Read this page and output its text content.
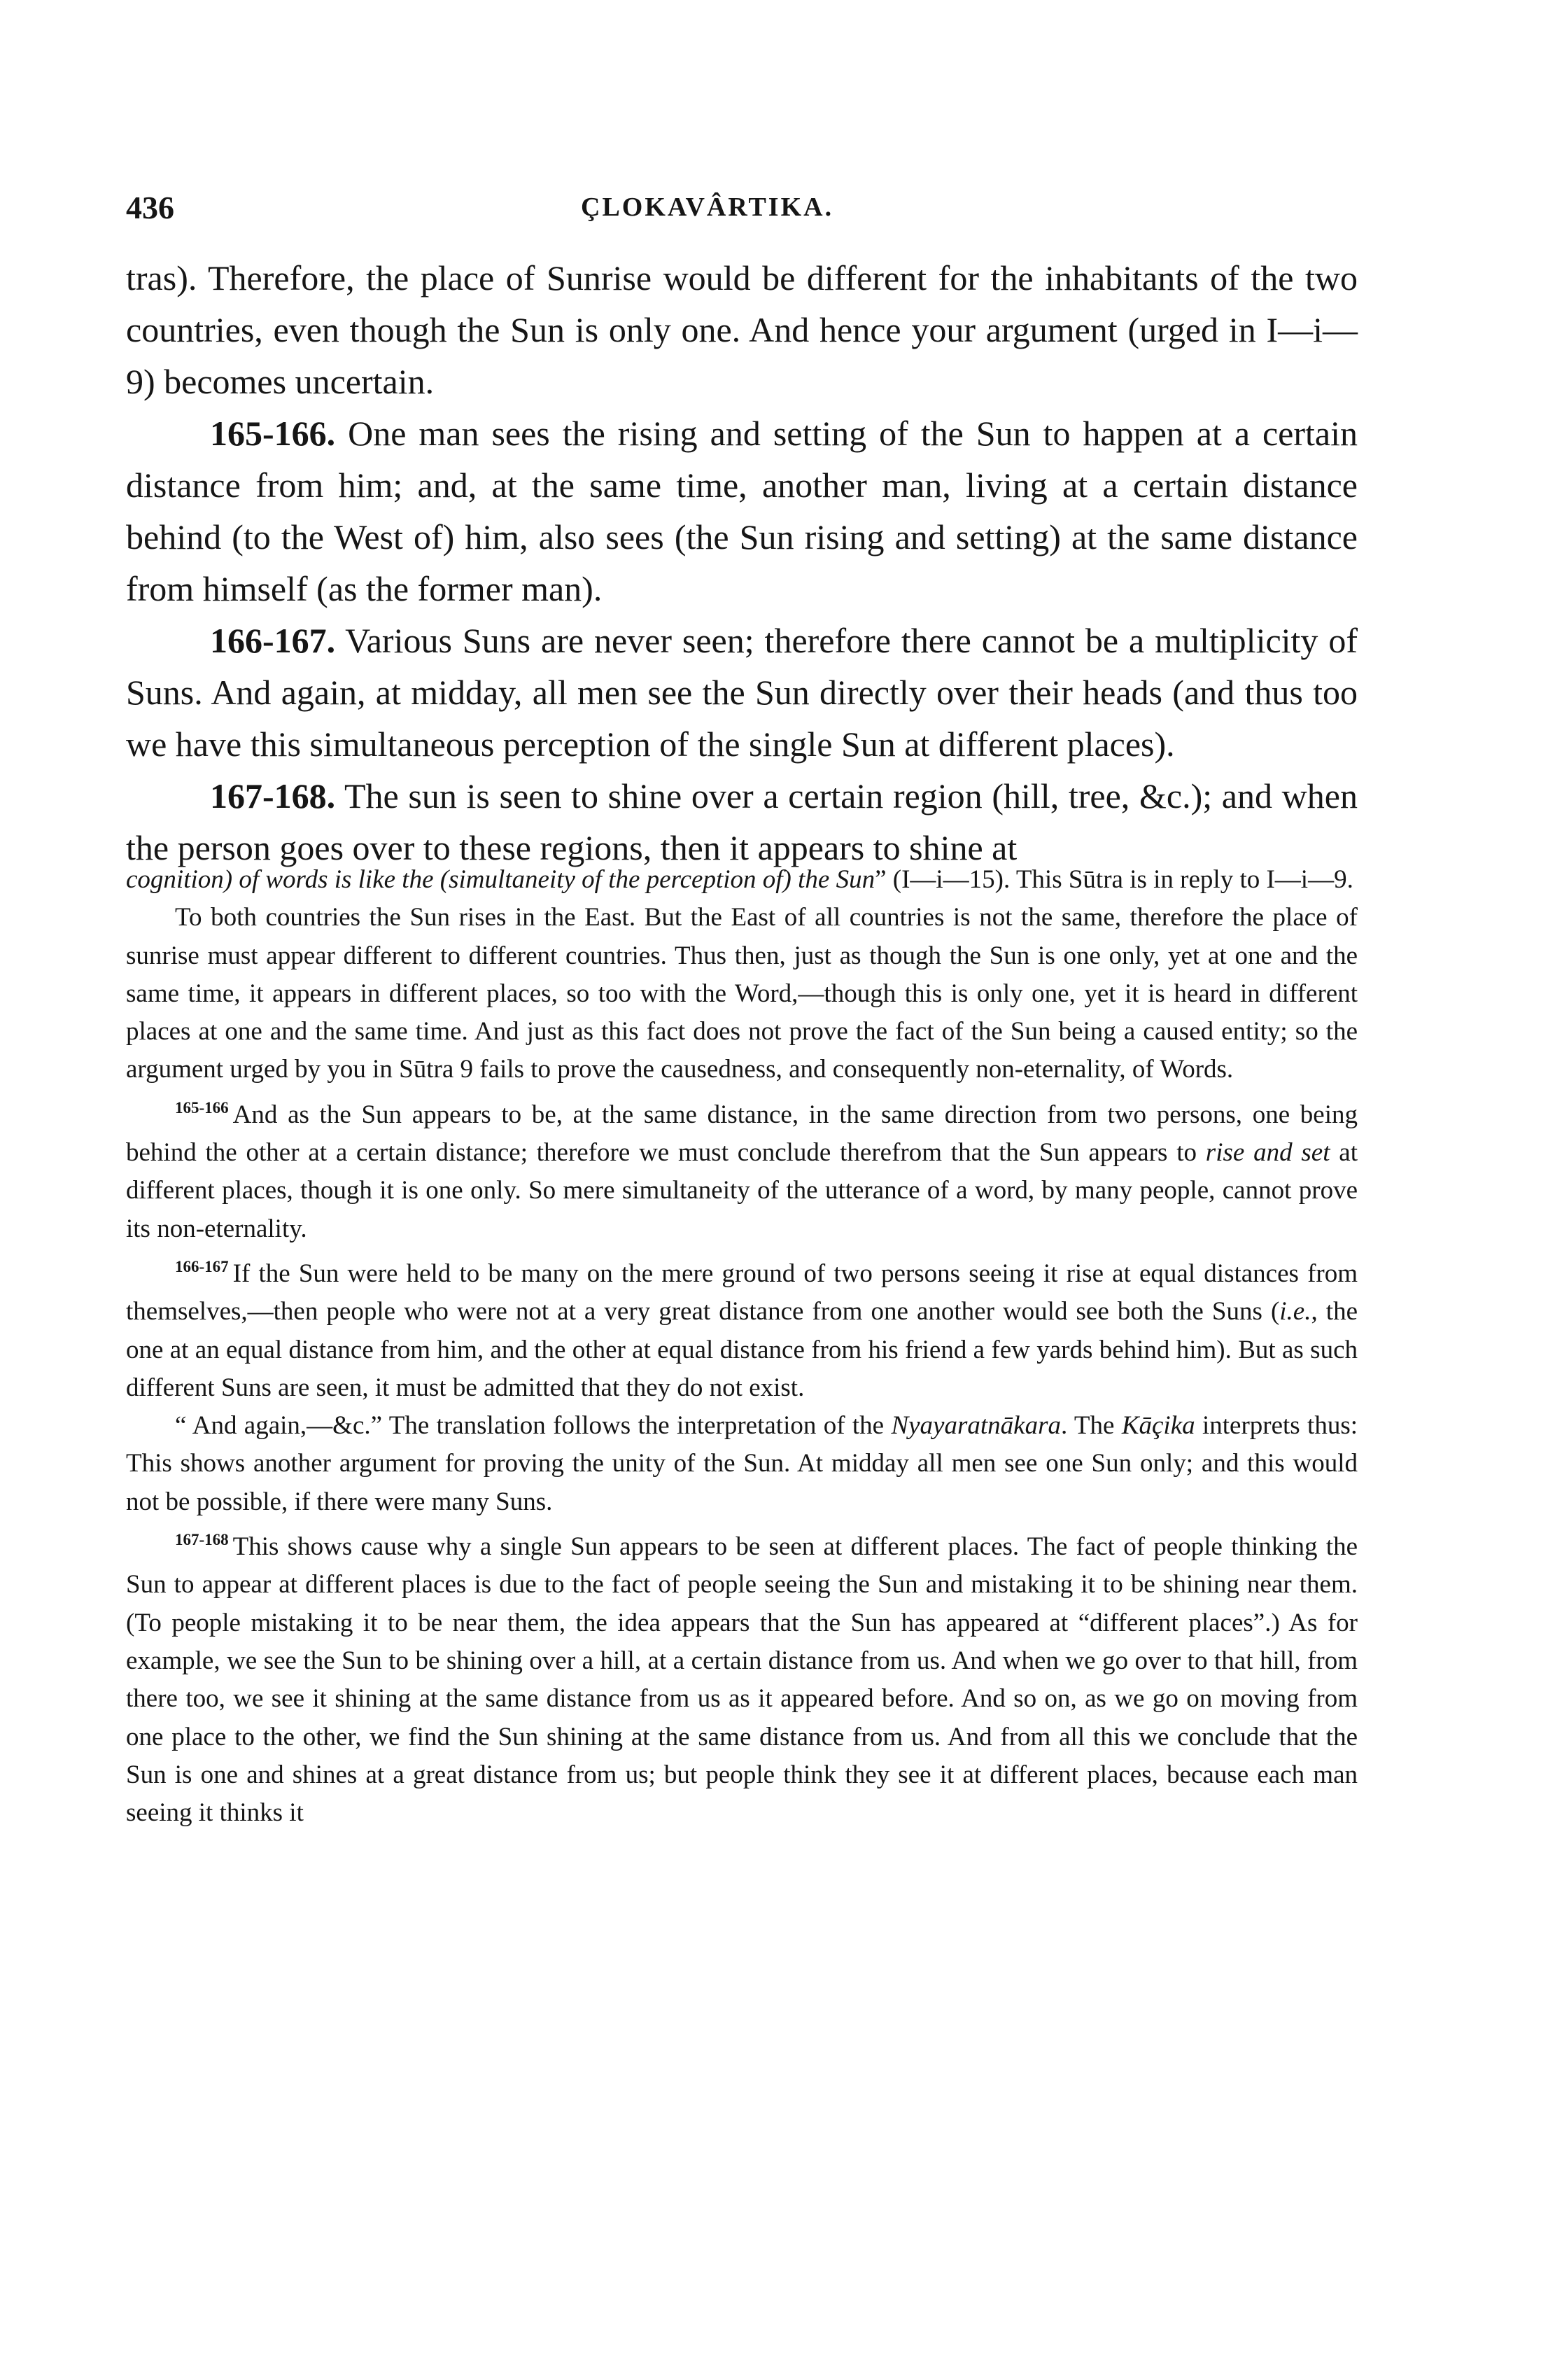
436	ÇLOKAVÂRTIKA.

tras). Therefore, the place of Sunrise would be different for the inhabitants of the two countries, even though the Sun is only one. And hence your argument (urged in I—i—9) becomes uncertain.

165-166. One man sees the rising and setting of the Sun to happen at a certain distance from him; and, at the same time, another man, living at a certain distance behind (to the West of) him, also sees (the Sun rising and setting) at the same distance from himself (as the former man).

166-167. Various Suns are never seen; therefore there cannot be a multiplicity of Suns. And again, at midday, all men see the Sun directly over their heads (and thus too we have this simultaneous perception of the single Sun at different places).

167-168. The sun is seen to shine over a certain region (hill, tree, &c.); and when the person goes over to these regions, then it appears to shine at

cognition) of words is like the (simultaneity of the perception of) the Sun” (I—i—15). This Sūtra is in reply to I—i—9.

To both countries the Sun rises in the East. But the East of all countries is not the same, therefore the place of sunrise must appear different to different countries. Thus then, just as though the Sun is one only, yet at one and the same time, it appears in different places, so too with the Word,—though this is only one, yet it is heard in different places at one and the same time. And just as this fact does not prove the fact of the Sun being a caused entity; so the argument urged by you in Sūtra 9 fails to prove the causedness, and consequently non-eternality, of Words.

$^{165-166}$ And as the Sun appears to be, at the same distance, in the same direction from two persons, one being behind the other at a certain distance; therefore we must conclude therefrom that the Sun appears to rise and set at different places, though it is one only. So mere simultaneity of the utterance of a word, by many people, cannot prove its non-eternality.

$^{166-167}$ If the Sun were held to be many on the mere ground of two persons seeing it rise at equal distances from themselves,—then people who were not at a very great distance from one another would see both the Suns (i.e., the one at an equal distance from him, and the other at equal distance from his friend a few yards behind him). But as such different Suns are seen, it must be admitted that they do not exist.

“ And again,—&c.” The translation follows the interpretation of the Nyayaratnākara. The Kāçika interprets thus: This shows another argument for proving the unity of the Sun. At midday all men see one Sun only; and this would not be possible, if there were many Suns.

$^{167-168}$ This shows cause why a single Sun appears to be seen at different places. The fact of people thinking the Sun to appear at different places is due to the fact of people seeing the Sun and mistaking it to be shining near them. (To people mistaking it to be near them, the idea appears that the Sun has appeared at “different places”.) As for example, we see the Sun to be shining over a hill, at a certain distance from us. And when we go over to that hill, from there too, we see it shining at the same distance from us as it appeared before. And so on, as we go on moving from one place to the other, we find the Sun shining at the same distance from us. And from all this we conclude that the Sun is one and shines at a great distance from us; but people think they see it at different places, because each man seeing it thinks it
